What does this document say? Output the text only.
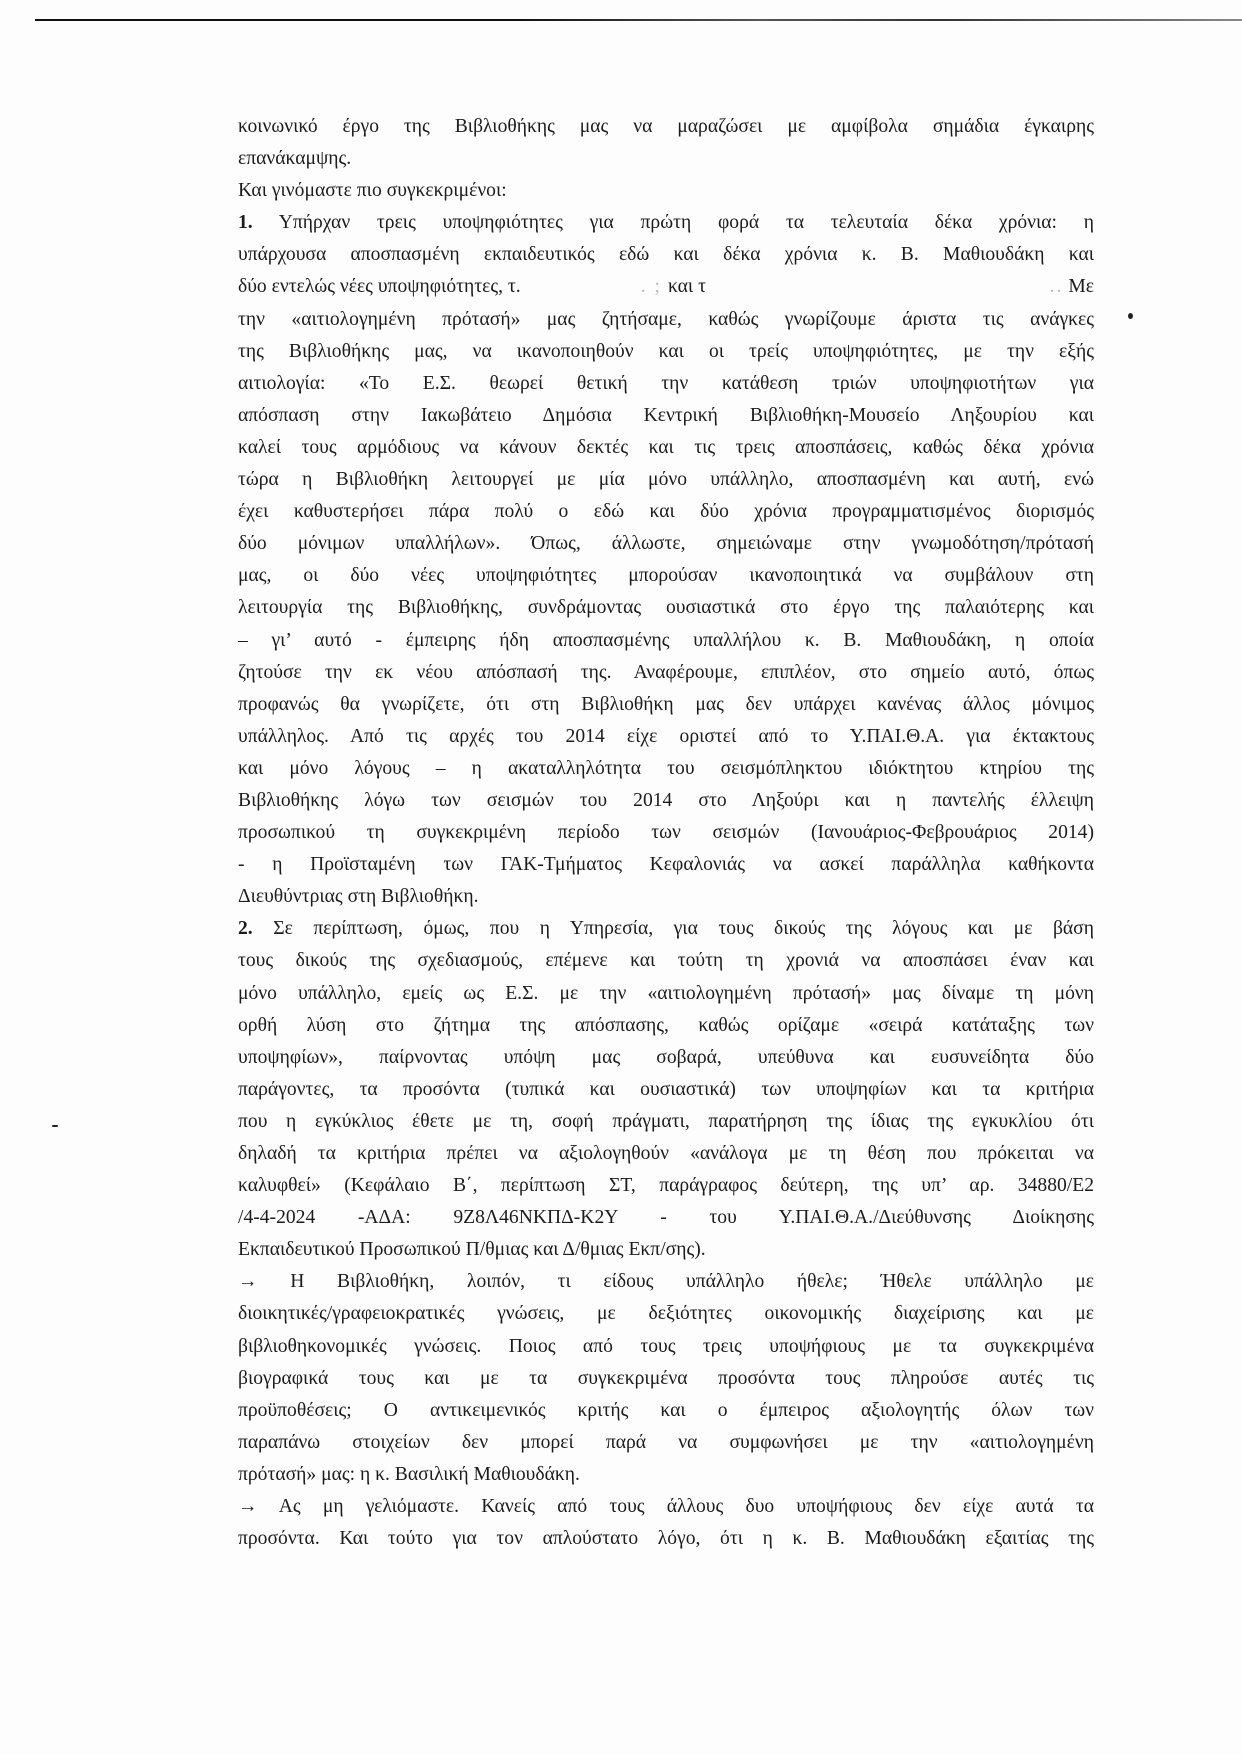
κοινωνικό έργο της Βιβλιοθήκης μας να μαραζώσει με αμφίβολα σημάδια έγκαιρης
επανάκαμψης.
Και γινόμαστε πιο συγκεκριμένοι:
1. Υπήρχαν τρεις υποψηφιότητες για πρώτη φορά τα τελευταία δέκα χρόνια: η
υπάρχουσα αποσπασμένη εκπαιδευτικός εδώ και δέκα χρόνια κ. Β. Μαθιουδάκη και
δύο εντελώς νέες υποψηφιότητες, τ.	. ; και τ	.. Με
την «αιτιολογημένη πρότασή» μας ζητήσαμε, καθώς γνωρίζουμε άριστα τις ανάγκες
της Βιβλιοθήκης μας, να ικανοποιηθούν και οι τρείς υποψηφιότητες, με την εξής
αιτιολογία: «Το Ε.Σ. θεωρεί θετική την κατάθεση τριών υποψηφιοτήτων για
απόσπαση στην Ιακωβάτειο Δημόσια Κεντρική Βιβλιοθήκη-Μουσείο Ληξουρίου και
καλεί τους αρμόδιους να κάνουν δεκτές και τις τρεις αποσπάσεις, καθώς δέκα χρόνια
τώρα η Βιβλιοθήκη λειτουργεί με μία μόνο υπάλληλο, αποσπασμένη και αυτή, ενώ
έχει καθυστερήσει πάρα πολύ ο εδώ και δύο χρόνια προγραμματισμένος διορισμός
δύο μόνιμων υπαλλήλων». Όπως, άλλωστε, σημειώναμε στην γνωμοδότηση/πρότασή
μας, οι δύο νέες υποψηφιότητες μπορούσαν ικανοποιητικά να συμβάλουν στη
λειτουργία της Βιβλιοθήκης, συνδράμοντας ουσιαστικά στο έργο της παλαιότερης και
– γι’ αυτό - έμπειρης ήδη αποσπασμένης υπαλλήλου κ. Β. Μαθιουδάκη, η οποία
ζητούσε την εκ νέου απόσπασή της. Αναφέρουμε, επιπλέον, στο σημείο αυτό, όπως
προφανώς θα γνωρίζετε, ότι στη Βιβλιοθήκη μας δεν υπάρχει κανένας άλλος μόνιμος
υπάλληλος. Από τις αρχές του 2014 είχε οριστεί από το Υ.ΠΑΙ.Θ.Α. για έκτακτους
και μόνο λόγους – η ακαταλληλότητα του σεισμόπληκτου ιδιόκτητου κτηρίου της
Βιβλιοθήκης λόγω των σεισμών του 2014 στο Ληξούρι και η παντελής έλλειψη
προσωπικού τη συγκεκριμένη περίοδο των σεισμών (Ιανουάριος-Φεβρουάριος 2014)
- η Προϊσταμένη των ΓΑΚ-Τμήματος Κεφαλονιάς να ασκεί παράλληλα καθήκοντα
Διευθύντριας στη Βιβλιοθήκη.
2. Σε περίπτωση, όμως, που η Υπηρεσία, για τους δικούς της λόγους και με βάση
τους δικούς της σχεδιασμούς, επέμενε και τούτη τη χρονιά να αποσπάσει έναν και
μόνο υπάλληλο, εμείς ως Ε.Σ. με την «αιτιολογημένη πρότασή» μας δίναμε τη μόνη
ορθή λύση στο ζήτημα της απόσπασης, καθώς ορίζαμε «σειρά κατάταξης των
υποψηφίων», παίρνοντας υπόψη μας σοβαρά, υπεύθυνα και ευσυνείδητα δύο
παράγοντες, τα προσόντα (τυπικά και ουσιαστικά) των υποψηφίων και τα κριτήρια
που η εγκύκλιος έθετε με τη, σοφή πράγματι, παρατήρηση της ίδιας της εγκυκλίου ότι
δηλαδή τα κριτήρια πρέπει να αξιολογηθούν «ανάλογα με τη θέση που πρόκειται να
καλυφθεί» (Κεφάλαιο Β΄, περίπτωση ΣΤ, παράγραφος δεύτερη, της υπ’ αρ. 34880/Ε2
/4-4-2024 -ΑΔΑ: 9Ζ8Λ46ΝΚΠΔ-Κ2Υ - του Υ.ΠΑΙ.Θ.Α./Διεύθυνσης Διοίκησης
Εκπαιδευτικού Προσωπικού Π/θμιας και Δ/θμιας Εκπ/σης).
→ Η Βιβλιοθήκη, λοιπόν, τι είδους υπάλληλο ήθελε; Ήθελε υπάλληλο με
διοικητικές/γραφειοκρατικές γνώσεις, με δεξιότητες οικονομικής διαχείρισης και με
βιβλιοθηκονομικές γνώσεις. Ποιος από τους τρεις υποψήφιους με τα συγκεκριμένα
βιογραφικά τους και με τα συγκεκριμένα προσόντα τους πληρούσε αυτές τις
προϋποθέσεις; Ο αντικειμενικός κριτής και ο έμπειρος αξιολογητής όλων των
παραπάνω στοιχείων δεν μπορεί παρά να συμφωνήσει με την «αιτιολογημένη
πρότασή» μας: η κ. Βασιλική Μαθιουδάκη.
→ Ας μη γελιόμαστε. Κανείς από τους άλλους δυο υποψήφιους δεν είχε αυτά τα
προσόντα. Και τούτο για τον απλούστατο λόγο, ότι η κ. Β. Μαθιουδάκη εξαιτίας της
